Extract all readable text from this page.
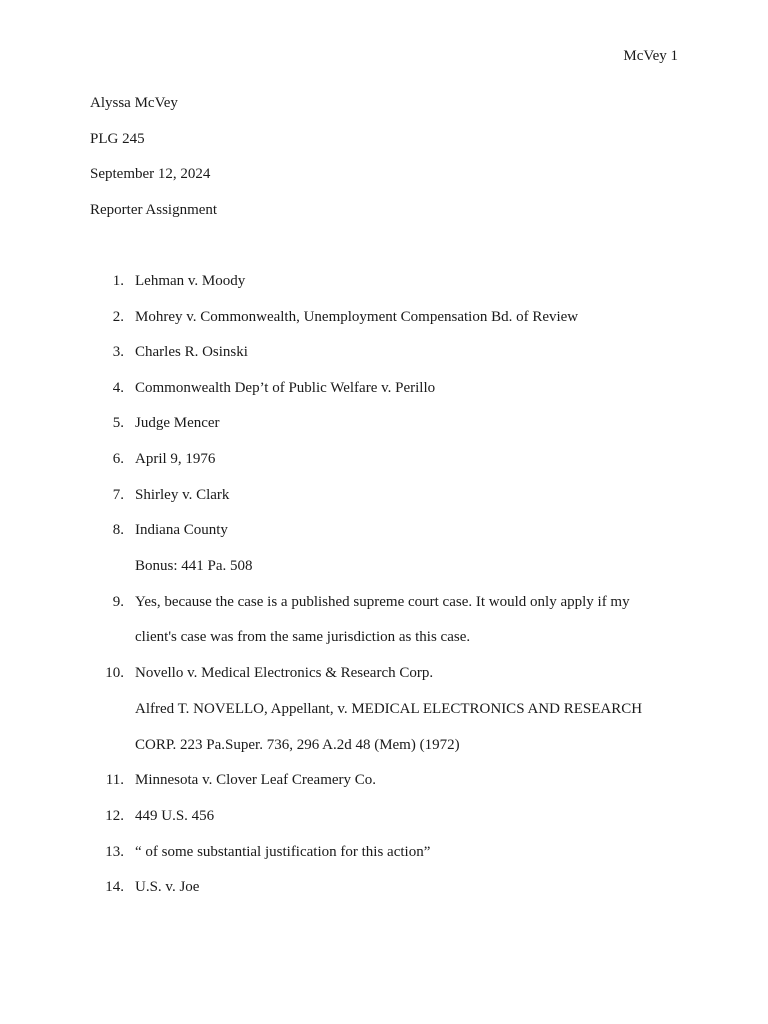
McVey 1
Alyssa McVey
PLG 245
September 12, 2024
Reporter Assignment
1. Lehman v. Moody
2. Mohrey v. Commonwealth, Unemployment Compensation Bd. of Review
3. Charles R. Osinski
4. Commonwealth Dep’t of Public Welfare v. Perillo
5. Judge Mencer
6. April 9, 1976
7. Shirley v. Clark
8. Indiana County
Bonus: 441 Pa. 508
9. Yes, because the case is a published supreme court case. It would only apply if my
client's case was from the same jurisdiction as this case.
10. Novello v. Medical Electronics & Research Corp.
Alfred T. NOVELLO, Appellant, v. MEDICAL ELECTRONICS AND RESEARCH
CORP. 223 Pa.Super. 736, 296 A.2d 48 (Mem) (1972)
11. Minnesota v. Clover Leaf Creamery Co.
12. 449 U.S. 456
13. “ of some substantial justification for this action”
14. U.S. v. Joe
